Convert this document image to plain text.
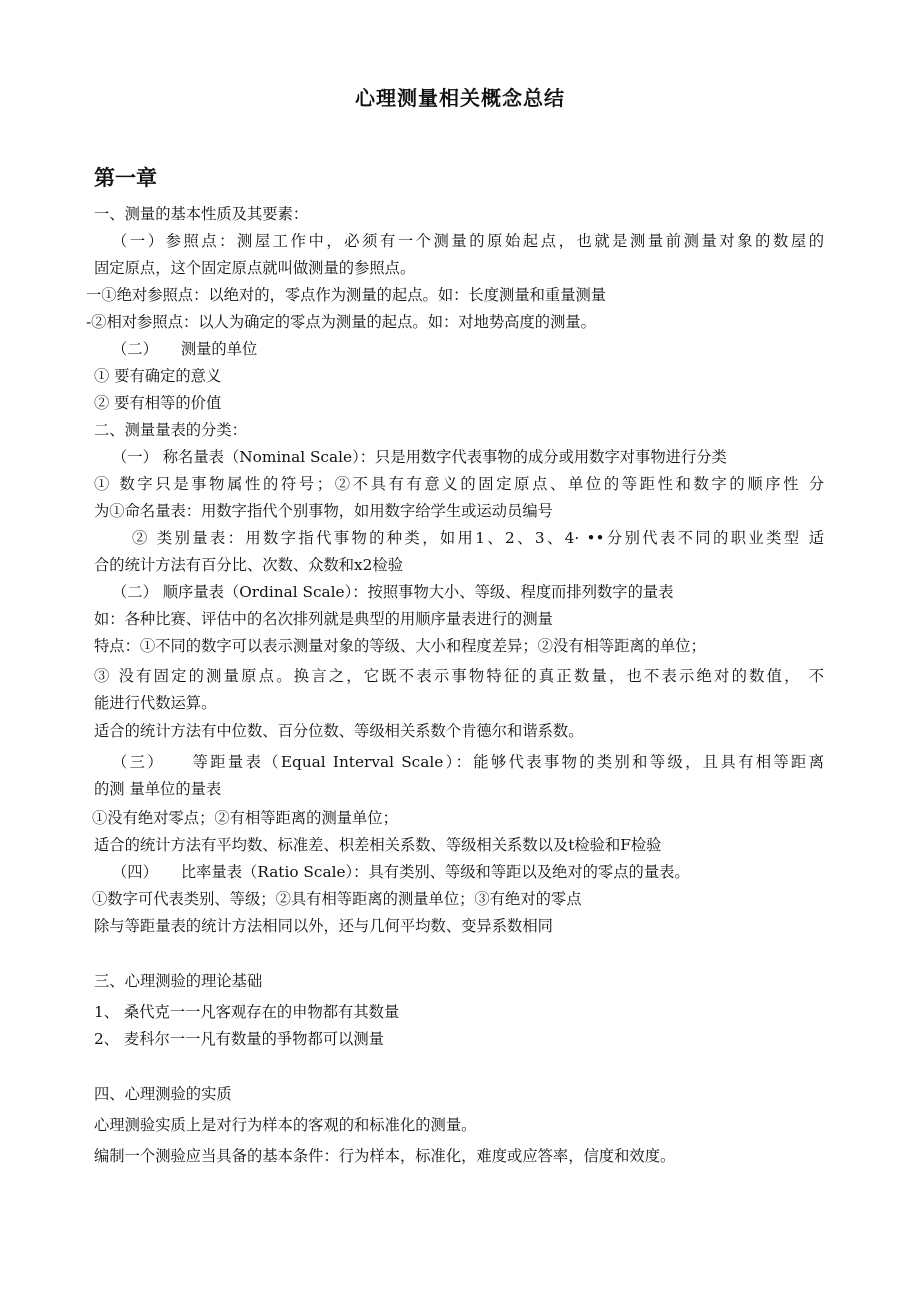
心理测量相关概念总结
第一章
一、测量的基本性质及其要素：
（一）参照点：测屋工作中，必须有一个测量的原始起点，也就是测量前测量对象的数屋的
固定原点，这个固定原点就叫做测量的参照点。
一①绝对参照点：以绝对的，零点作为测量的起点。如：长度测量和重量测量
-②相对参照点：以人为确定的零点为测量的起点。如：对地势高度的测量。
（二）　　测量的单位
① 要有确定的意义
② 要有相等的价值
二、测量量表的分类：
（一） 称名量表（Nominal Scale）：只是用数字代表事物的成分或用数字对事物进行分类
① 数字只是事物属性的符号；②不具有有意义的固定原点、单位的等距性和数字的顺序性 分
为①命名量表：用数字指代个别事物，如用数字给学生或运动员编号
② 类别量表：用数字指代事物的种类，如用1、2、3、4· ••分别代表不同的职业类型 适
合的统计方法有百分比、次数、众数和x2检验
（二） 顺序量表（Ordinal Scale）：按照事物大小、等级、程度而排列数字的量表
如：各种比赛、评估中的名次排列就是典型的用顺序量表进行的测量
特点：①不同的数字可以表示测量对象的等级、大小和程度差异；②没有相等距离的单位；
③ 没有固定的测量原点。换言之，它既不表示事物特征的真正数量，也不表示绝对的数值， 不
能进行代数运算。
适合的统计方法有中位数、百分位数、等级相关系数个肯德尔和谐系数。
（三）　　等距量表（Equal Interval Scale）：能够代表事物的类别和等级，且具有相等距离
的测 量单位的量表
①没有绝对零点；②有相等距离的测量单位；
适合的统计方法有平均数、标准差、枳差相关系数、等级相关系数以及t检验和F检验
（四）　　比率量表（Ratio Scale）：具有类别、等级和等距以及绝对的零点的量表。
①数字可代表类别、等级；②具有相等距离的测量单位；③有绝对的零点
除与等距量表的统计方法相同以外，还与几何平均数、变异系数相同
三、心理测验的理论基础
1、 桑代克一一凡客观存在的申物都有其数量
2、 麦科尔一一凡有数量的爭物都可以测量
四、心理测验的实质
心理测验实质上是对行为样本的客观的和标准化的测量。
编制一个测验应当具备的基本条件：行为样本，标准化，难度或应答率，信度和效度。
